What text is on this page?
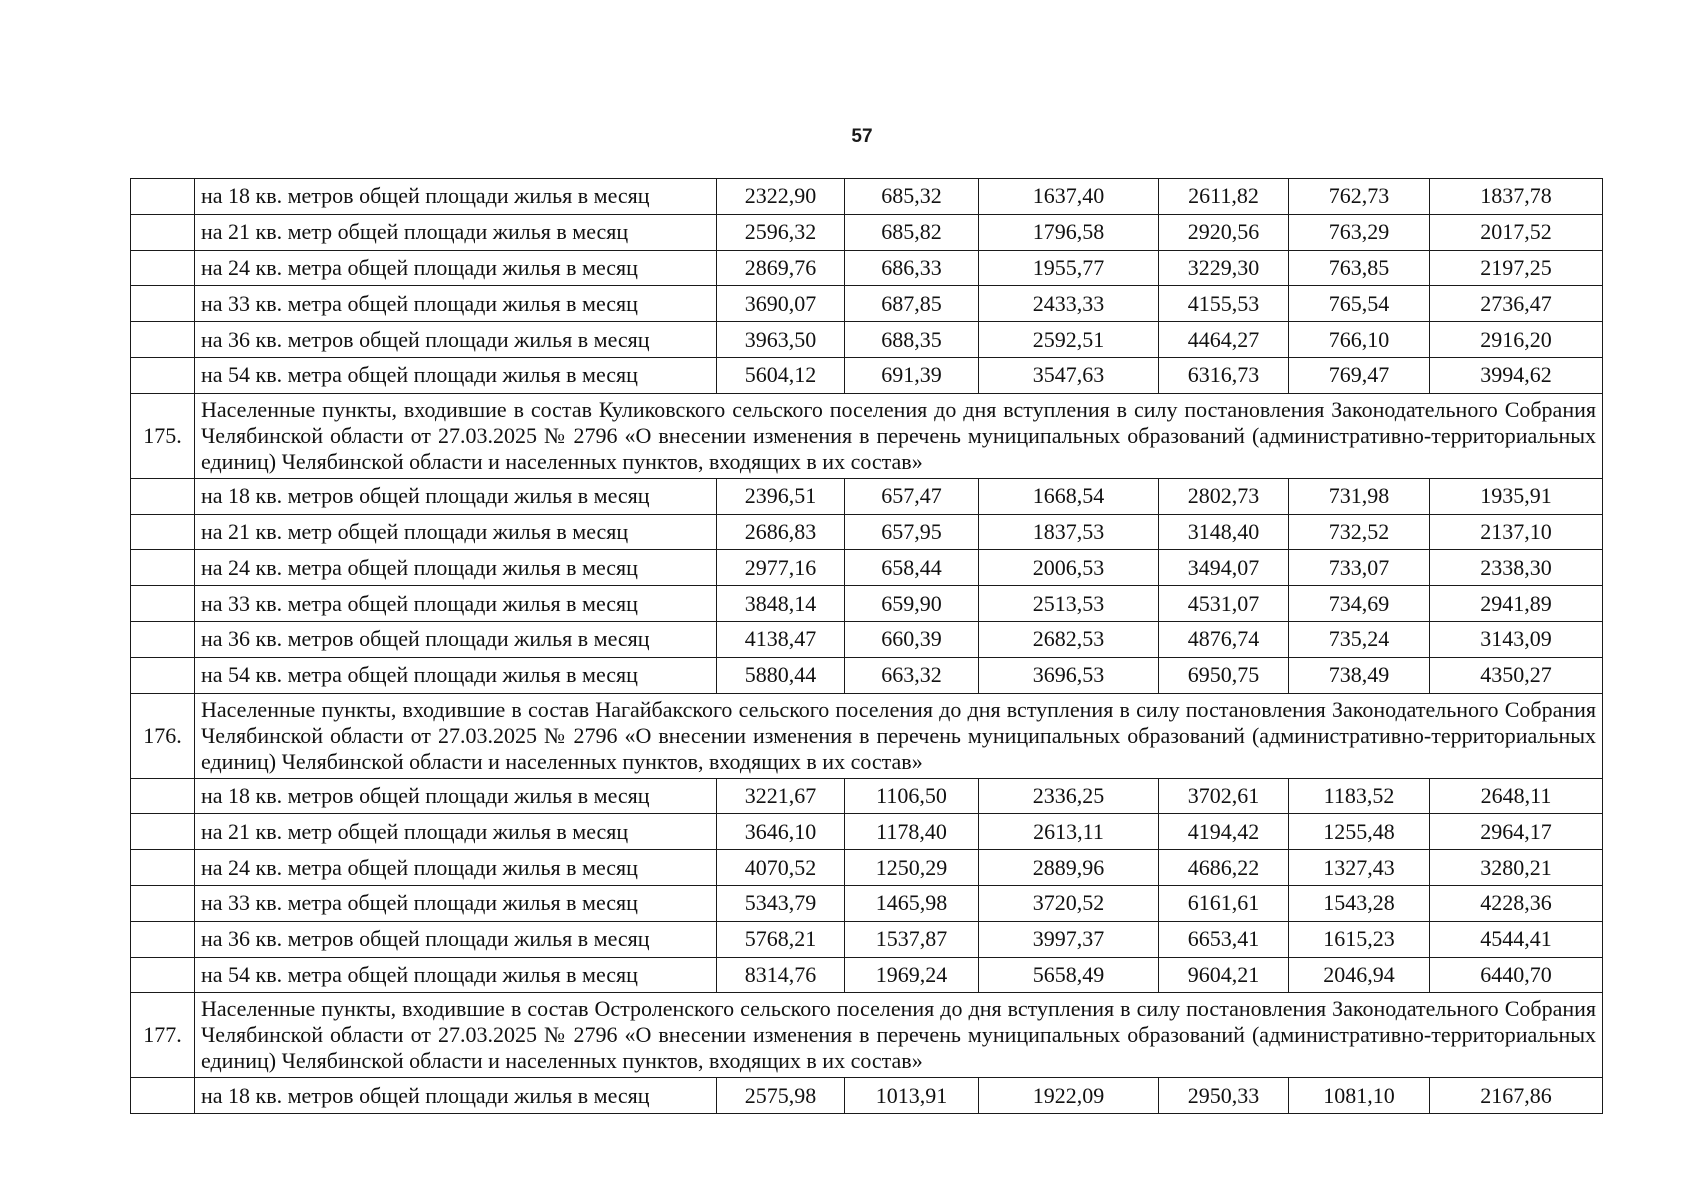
57
	на 18 кв. метров общей площади жилья в месяц	2322,90	685,32	1637,40	2611,82	762,73	1837,78
	на 21 кв. метр общей площади жилья в месяц	2596,32	685,82	1796,58	2920,56	763,29	2017,52
	на 24 кв. метра общей площади жилья в месяц	2869,76	686,33	1955,77	3229,30	763,85	2197,25
	на 33 кв. метра общей площади жилья в месяц	3690,07	687,85	2433,33	4155,53	765,54	2736,47
	на 36 кв. метров общей площади жилья в месяц	3963,50	688,35	2592,51	4464,27	766,10	2916,20
	на 54 кв. метра общей площади жилья в месяц	5604,12	691,39	3547,63	6316,73	769,47	3994,62
175.	Населенные пункты, входившие в состав Куликовского сельского поселения до дня вступления в силу постановления Законодательного Собрания Челябинской области от 27.03.2025 № 2796 «О внесении изменения в перечень муниципальных образований (административно-территориальных единиц) Челябинской области и населенных пунктов, входящих в их состав»						
	на 18 кв. метров общей площади жилья в месяц	2396,51	657,47	1668,54	2802,73	731,98	1935,91
	на 21 кв. метр общей площади жилья в месяц	2686,83	657,95	1837,53	3148,40	732,52	2137,10
	на 24 кв. метра общей площади жилья в месяц	2977,16	658,44	2006,53	3494,07	733,07	2338,30
	на 33 кв. метра общей площади жилья в месяц	3848,14	659,90	2513,53	4531,07	734,69	2941,89
	на 36 кв. метров общей площади жилья в месяц	4138,47	660,39	2682,53	4876,74	735,24	3143,09
	на 54 кв. метра общей площади жилья в месяц	5880,44	663,32	3696,53	6950,75	738,49	4350,27
176.	Населенные пункты, входившие в состав Нагайбакского сельского поселения до дня вступления в силу постановления Законодательного Собрания Челябинской области от 27.03.2025 № 2796 «О внесении изменения в перечень муниципальных образований (административно-территориальных единиц) Челябинской области и населенных пунктов, входящих в их состав»						
	на 18 кв. метров общей площади жилья в месяц	3221,67	1106,50	2336,25	3702,61	1183,52	2648,11
	на 21 кв. метр общей площади жилья в месяц	3646,10	1178,40	2613,11	4194,42	1255,48	2964,17
	на 24 кв. метра общей площади жилья в месяц	4070,52	1250,29	2889,96	4686,22	1327,43	3280,21
	на 33 кв. метра общей площади жилья в месяц	5343,79	1465,98	3720,52	6161,61	1543,28	4228,36
	на 36 кв. метров общей площади жилья в месяц	5768,21	1537,87	3997,37	6653,41	1615,23	4544,41
	на 54 кв. метра общей площади жилья в месяц	8314,76	1969,24	5658,49	9604,21	2046,94	6440,70
177.	Населенные пункты, входившие в состав Остроленского сельского поселения до дня вступления в силу постановления Законодательного Собрания Челябинской области от 27.03.2025 № 2796 «О внесении изменения в перечень муниципальных образований (административно-территориальных единиц) Челябинской области и населенных пунктов, входящих в их состав»						
	на 18 кв. метров общей площади жилья в месяц	2575,98	1013,91	1922,09	2950,33	1081,10	2167,86
